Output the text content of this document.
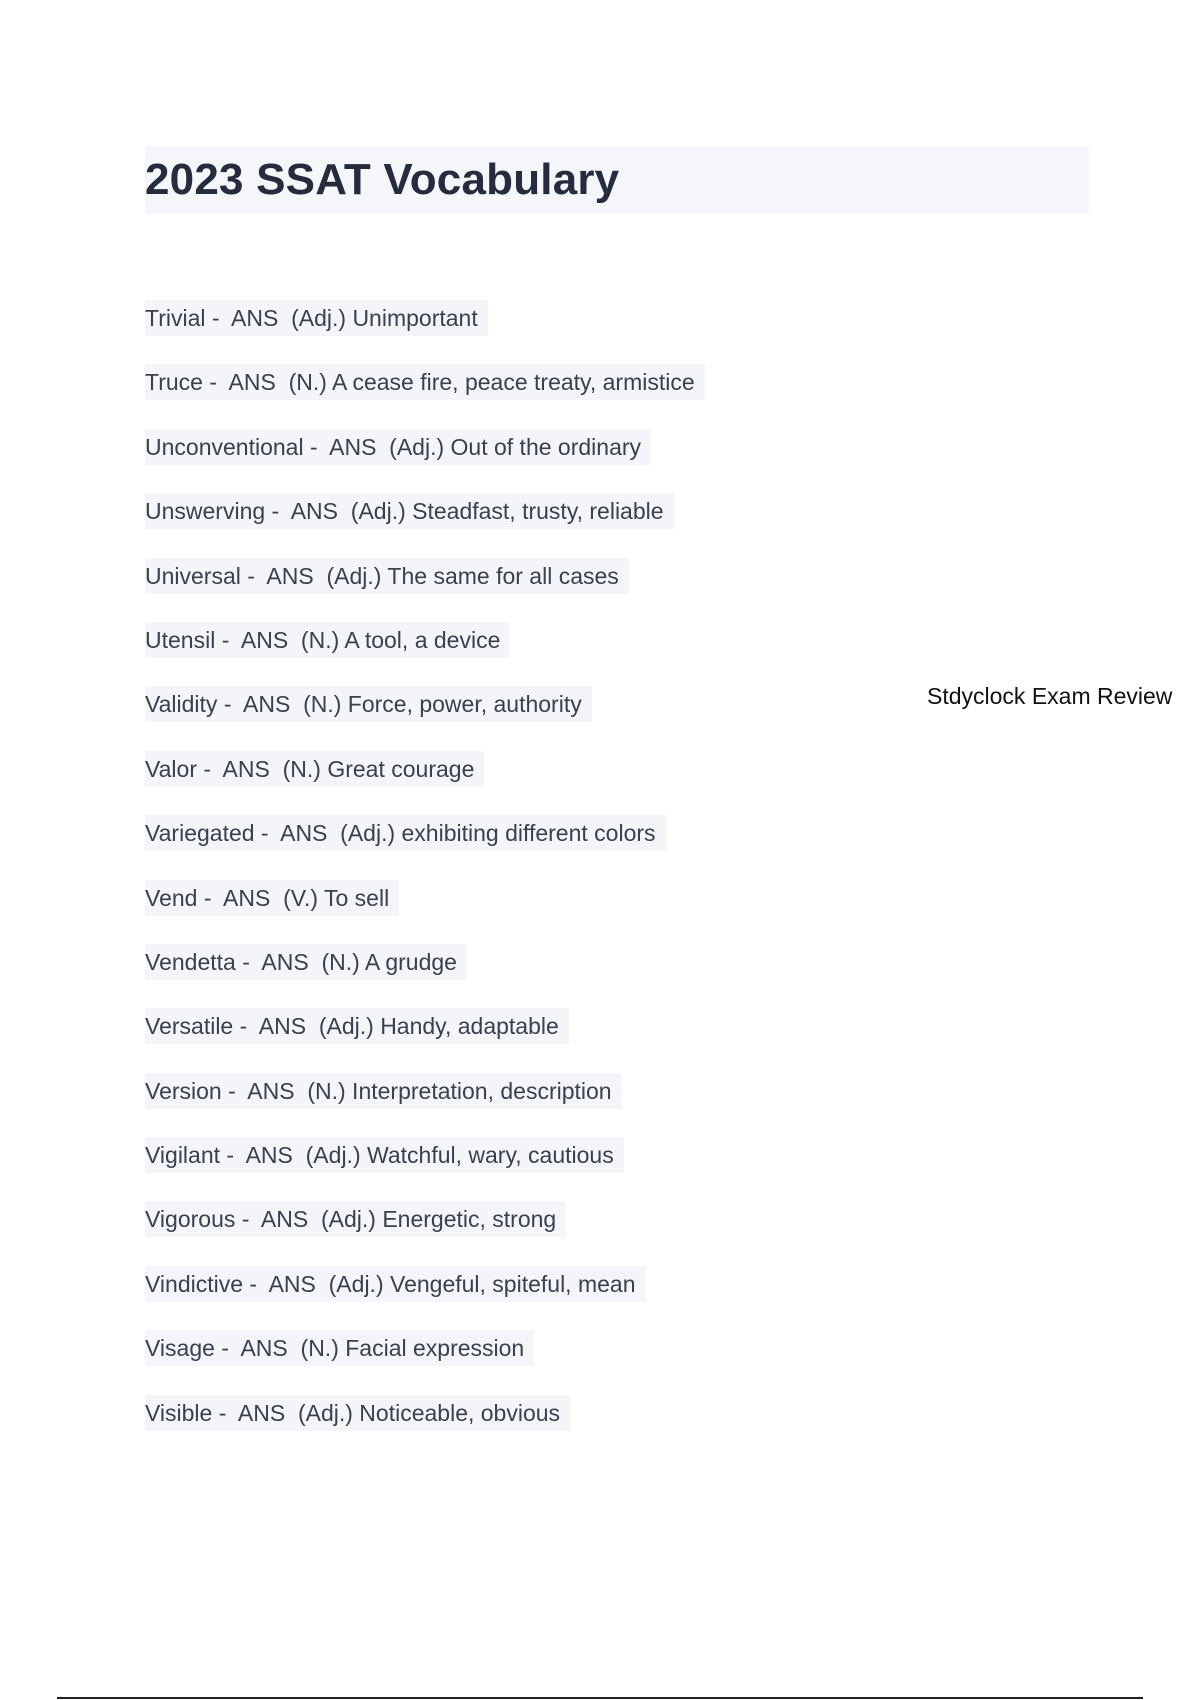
2023 SSAT Vocabulary
Trivial -  ANS  (Adj.) Unimportant
Truce -  ANS  (N.) A cease fire, peace treaty, armistice
Unconventional -  ANS  (Adj.) Out of the ordinary
Unswerving -  ANS  (Adj.) Steadfast, trusty, reliable
Universal -  ANS  (Adj.) The same for all cases
Utensil -  ANS  (N.) A tool, a device
Validity -  ANS  (N.) Force, power, authority
Valor -  ANS  (N.) Great courage
Variegated -  ANS  (Adj.) exhibiting different colors
Vend -  ANS  (V.) To sell
Vendetta -  ANS  (N.) A grudge
Versatile -  ANS  (Adj.) Handy, adaptable
Version -  ANS  (N.) Interpretation, description
Vigilant -  ANS  (Adj.) Watchful, wary, cautious
Vigorous -  ANS  (Adj.) Energetic, strong
Vindictive -  ANS  (Adj.) Vengeful, spiteful, mean
Visage -  ANS  (N.) Facial expression
Visible -  ANS  (Adj.) Noticeable, obvious
Stdyclock Exam Review
